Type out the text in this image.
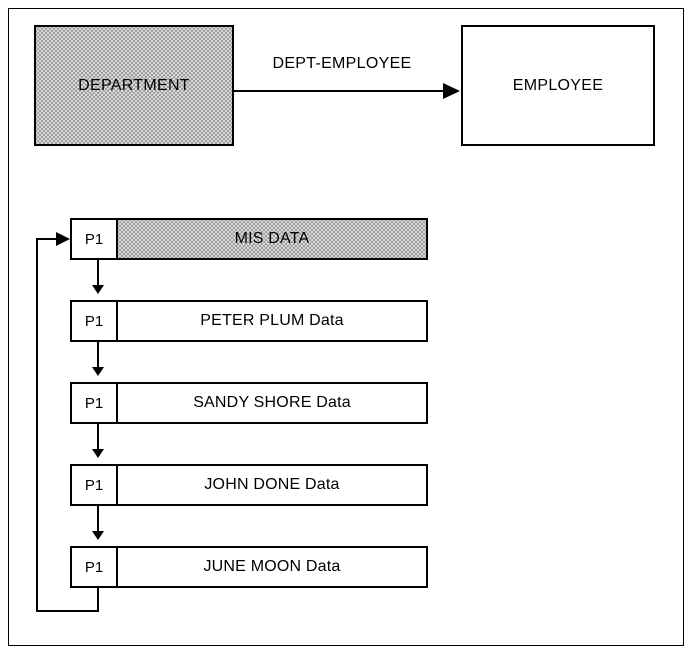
DEPARTMENT	EMPLOYEE
DEPT-EMPLOYEE
P1	MIS DATA
P1	PETER PLUM Data
P1	SANDY SHORE Data
P1	JOHN DONE Data
P1	JUNE MOON Data
